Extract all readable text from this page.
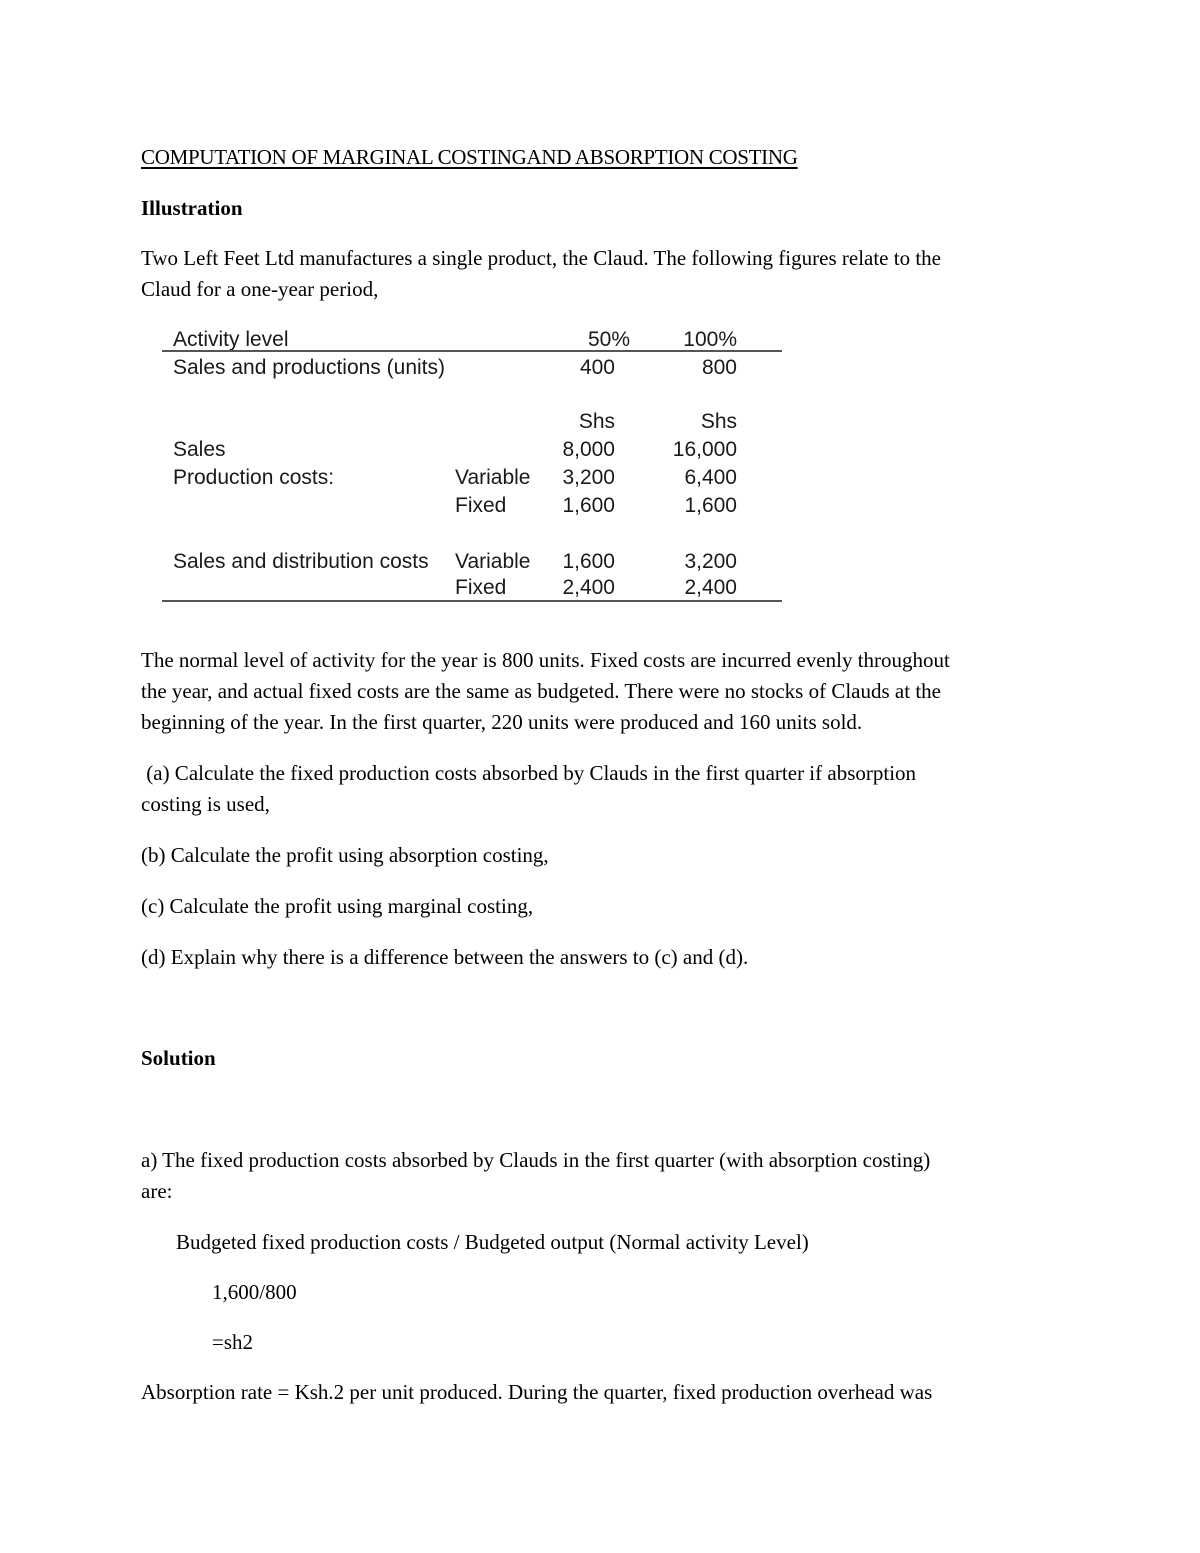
COMPUTATION OF MARGINAL COSTINGAND ABSORPTION COSTING

Illustration

Two Left Feet Ltd manufactures a single product, the Claud. The following figures relate to the

Claud for a one-year period,

Activity level	50%	100%
Sales and productions (units)	400	800
Shs	Shs
Sales	8,000	16,000
Production costs:	Variable 3,200	6,400
Fixed	1,600	1,600
Sales and distribution costs Variable 1,600	3,200
Fixed	2,400	2,400

The normal level of activity for the year is 800 units. Fixed costs are incurred evenly throughout

the year, and actual fixed costs are the same as budgeted. There were no stocks of Clauds at the

beginning of the year. In the first quarter, 220 units were produced and 160 units sold.

(a) Calculate the fixed production costs absorbed by Clauds in the first quarter if absorption

costing is used,

(b) Calculate the profit using absorption costing,

(c) Calculate the profit using marginal costing,

(d) Explain why there is a difference between the answers to (c) and (d).

Solution

a) The fixed production costs absorbed by Clauds in the first quarter (with absorption costing)

are:

Budgeted fixed production costs / Budgeted output (Normal activity Level)

1,600/800

=sh2

Absorption rate = Ksh.2 per unit produced. During the quarter, fixed production overhead was
